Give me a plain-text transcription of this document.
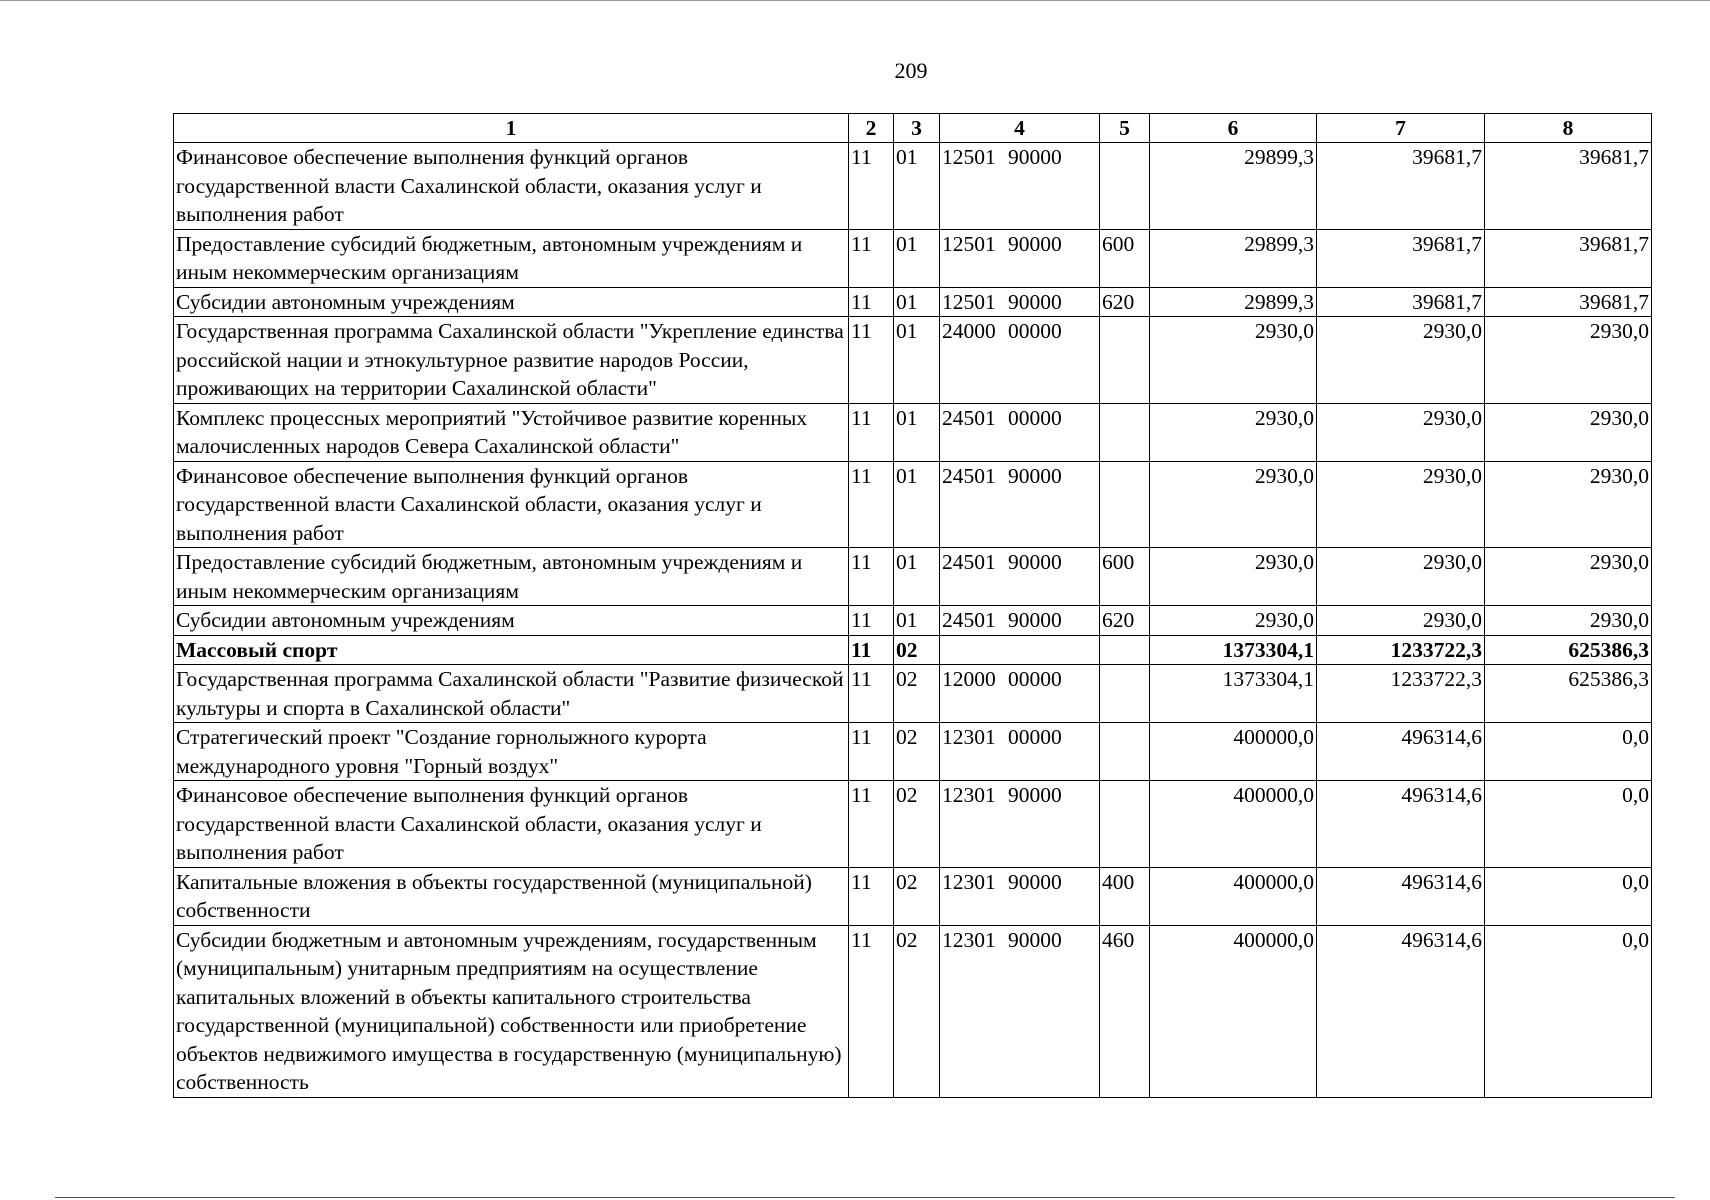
209
1	2	3	4	5	6	7	8
Финансовое обеспечение выполнения функций органов государственной власти Сахалинской области, оказания услуг и выполнения работ	11	01	12501 90000		29899,3	39681,7	39681,7
Предоставление субсидий бюджетным, автономным учреждениям и иным некоммерческим организациям	11	01	12501 90000	600	29899,3	39681,7	39681,7
Субсидии автономным учреждениям	11	01	12501 90000	620	29899,3	39681,7	39681,7
Государственная программа Сахалинской области "Укрепление единства российской нации и этнокультурное развитие народов России, проживающих на территории Сахалинской области"	11	01	24000 00000		2930,0	2930,0	2930,0
Комплекс процессных мероприятий "Устойчивое развитие коренных малочисленных народов Севера Сахалинской области"	11	01	24501 00000		2930,0	2930,0	2930,0
Финансовое обеспечение выполнения функций органов государственной власти Сахалинской области, оказания услуг и выполнения работ	11	01	24501 90000		2930,0	2930,0	2930,0
Предоставление субсидий бюджетным, автономным учреждениям и иным некоммерческим организациям	11	01	24501 90000	600	2930,0	2930,0	2930,0
Субсидии автономным учреждениям	11	01	24501 90000	620	2930,0	2930,0	2930,0
Массовый спорт	11	02			1373304,1	1233722,3	625386,3
Государственная программа Сахалинской области "Развитие физической культуры и спорта в Сахалинской области"	11	02	12000 00000		1373304,1	1233722,3	625386,3
Стратегический проект "Создание горнолыжного курорта международного уровня "Горный воздух"	11	02	12301 00000		400000,0	496314,6	0,0
Финансовое обеспечение выполнения функций органов государственной власти Сахалинской области, оказания услуг и выполнения работ	11	02	12301 90000		400000,0	496314,6	0,0
Капитальные вложения в объекты государственной (муниципальной) собственности	11	02	12301 90000	400	400000,0	496314,6	0,0
Субсидии бюджетным и автономным учреждениям, государственным (муниципальным) унитарным предприятиям на осуществление капитальных вложений в объекты капитального строительства государственной (муниципальной) собственности или приобретение объектов недвижимого имущества в государственную (муниципальную) собственность	11	02	12301 90000	460	400000,0	496314,6	0,0
